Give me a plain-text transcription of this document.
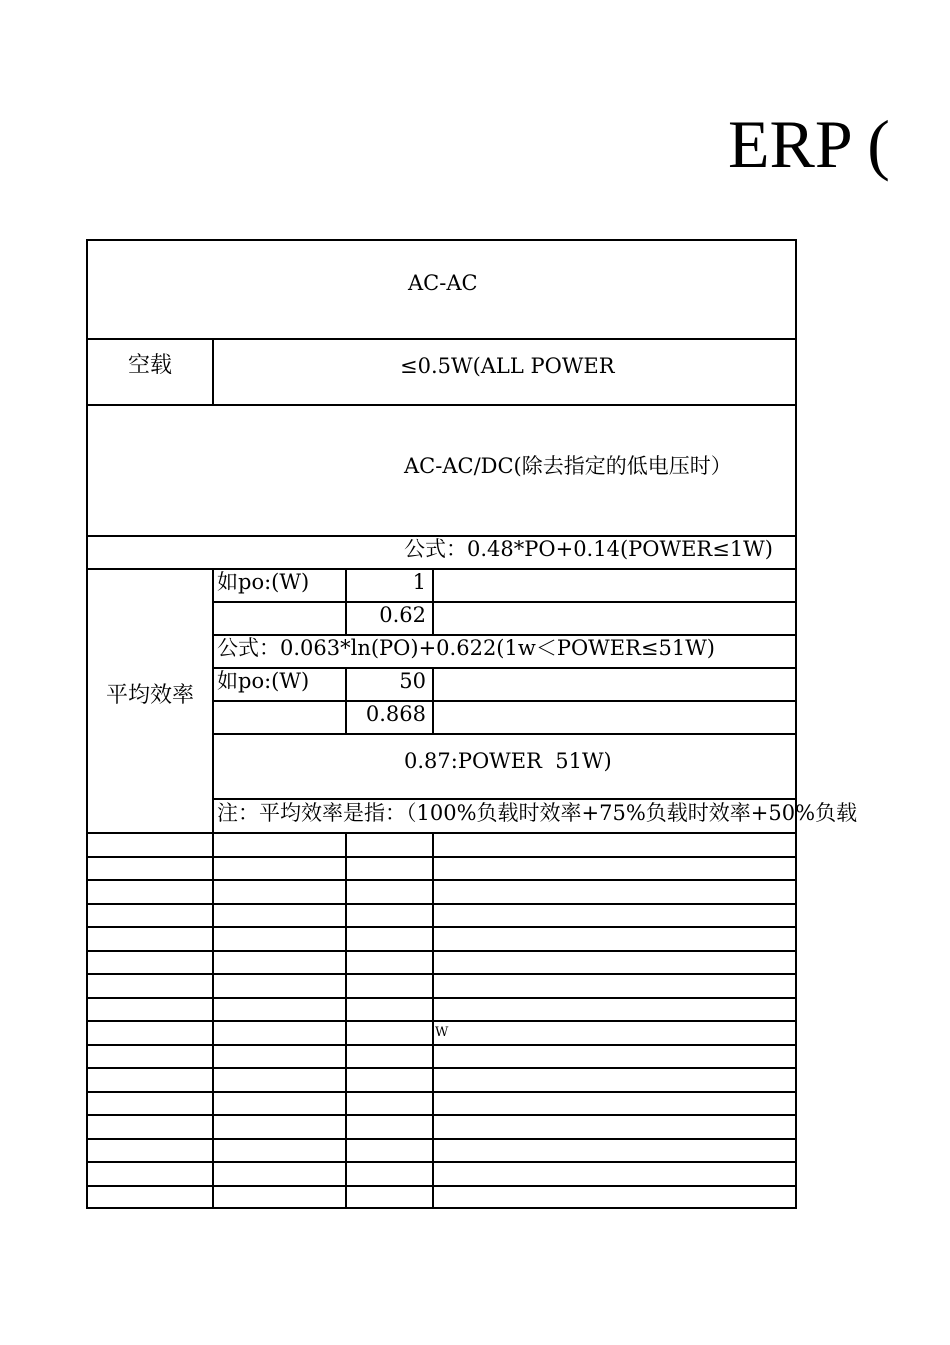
ERP (
AC-AC
空载	≤0.5W(ALL POWER
AC-AC/DC(除去指定的低电压时）
公式：0.48*PO+0.14(POWER≤1W)
平均效率
如po:(W)	1
0.62
公式：0.063*ln(PO)+0.622(1w＜POWER≤51W)
如po:(W)	50
0.868
0.87:POWER  51W)
注：平均效率是指：（100%负载时效率+75%负载时效率+50%负载
W
